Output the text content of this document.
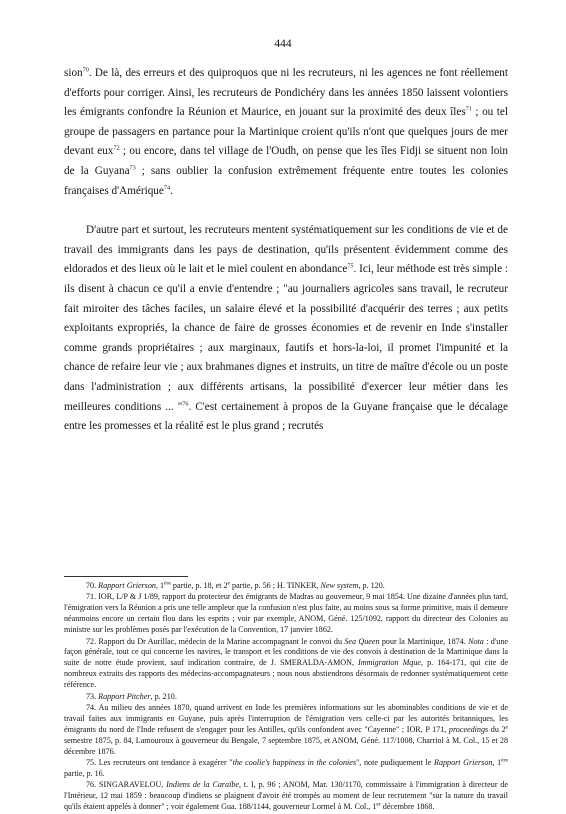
444

sion$^{70}$. De là, des erreurs et des quiproquos que ni les recruteurs, ni les agences ne font réellement d'efforts pour corriger. Ainsi, les recruteurs de Pondichéry dans les années 1850 laissent volontiers les émigrants confondre la Réunion et Maurice, en jouant sur la proximité des deux îles$^{71}$ ; ou tel groupe de passagers en partance pour la Martinique croient qu'ils n'ont que quelques jours de mer devant eux$^{72}$ ; ou encore, dans tel village de l'Oudh, on pense que les îles Fidji se situent non loin de la Guyana$^{73}$ ; sans oublier la confusion extrêmement fréquente entre toutes les colonies françaises d'Amérique$^{74}$.

D'autre part et surtout, les recruteurs mentent systématiquement sur les conditions de vie et de travail des immigrants dans les pays de destination, qu'ils présentent évidemment comme des eldorados et des lieux où le lait et le miel coulent en abondance$^{75}$. Ici, leur méthode est très simple : ils disent à chacun ce qu'il a envie d'entendre ; "au journaliers agricoles sans travail, le recruteur fait miroiter des tâches faciles, un salaire élevé et la possibilité d'acquérir des terres ; aux petits exploitants expropriés, la chance de faire de grosses économies et de revenir en Inde s'installer comme grands propriétaires ; aux marginaux, fautifs et hors-la-loi, il promet l'impunité et la chance de refaire leur vie ; aux brahmanes dignes et instruits, un titre de maître d'école ou un poste dans l'administration ; aux différents artisans, la possibilité d'exercer leur métier dans les meilleures conditions ... "$^{76}$. C'est certainement à propos de la Guyane française que le décalage entre les promesses et la réalité est le plus grand ; recrutés

70. Rapport Grierson, 1ère partie, p. 18, et 2e partie, p. 56 ; H. TINKER, New system, p. 120.

71. IOR, L/P & J 1/89, rapport du protecteur des émigrants de Madras au gouverneur, 9 mai 1854. Une dizaine d'années plus tard, l'émigration vers la Réunion a pris une telle ampleur que la confusion n'est plus faite, au moins sous sa forme primitive, mais il demeure néanmoins encore un certain flou dans les esprits ; voir par exemple, ANOM, Géné. 125/1092, rapport du directeur des Colonies au ministre sur les problèmes posés par l'exécution de la Convention, 17 janvier 1862.

72. Rapport du Dr Aurillac, médecin de la Marine accompagnant le convoi du Sea Queen pour la Martinique, 1874. Nota : d'une façon générale, tout ce qui concerne les navires, le transport et les conditions de vie des convois à destination de la Martinique dans la suite de notre étude provient, sauf indication contraire, de J. SMERALDA-AMON, Immigration Mque, p. 164-171, qui cite de nombreux extraits des rapports des médecins-accompagnateurs ; nous nous abstiendrons désormais de redonner systématiquement cette référence.

73. Rapport Pitcher, p. 210.

74. Au milieu des années 1870, quand arrivent en Inde les premières informations sur les abominables conditions de vie et de travail faites aux immigrants en Guyane, puis après l'interruption de l'émigration vers celle-ci par les autorités britanniques, les émigrants du nord de l'Inde refusent de s'engager pour les Antilles, qu'ils confondent avec "Cayenne" ; IOR, P 171, proceedings du 2e semestre 1875, p. 84, Lamouroux à gouverneur du Bengale, 7 septembre 1875, et ANOM, Géné. 117/1008, Charriol à M. Col., 15 et 28 décembre 1876.

75. Les recruteurs ont tendance à exagérer "the coolie's happiness in the colonies", note pudiquement le Rapport Grierson, 1ère partie, p. 16.

76. SINGARAVELOU, Indiens de la Caraïbe, t. I, p. 96 ; ANOM, Mar. 130/1170, commissaire à l'immigration à directeur de l'Intérieur, 12 mai 1859 : beaucoup d'indiens se plaignent d'avoir été trompés au moment de leur recrutement "sur la nature du travail qu'ils étaient appelés à donner" ; voir également Gua. 188/1144, gouverneur Lormel à M. Col., 1er décembre 1868.
